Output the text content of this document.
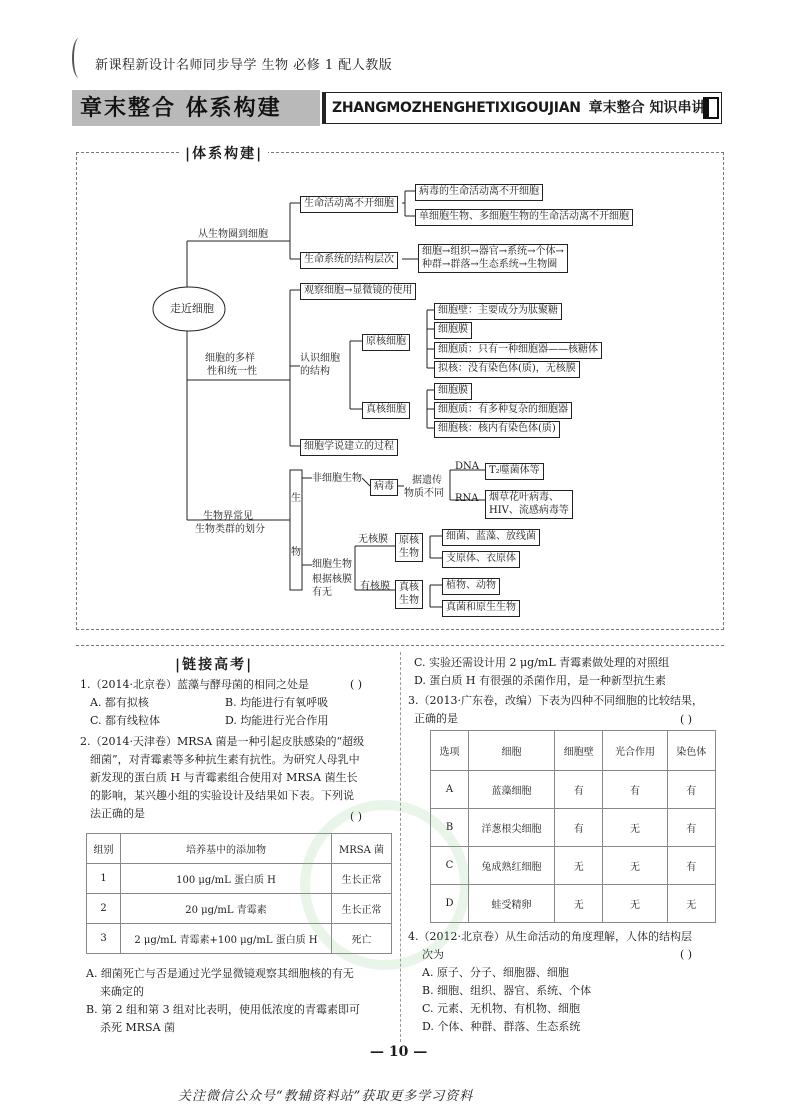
新课程新设计名师同步导学 生物 必修 1 配人教版
章末整合 体系构建	ZHANGMOZHENGHETIXIGOUJIAN 章末整合 知识串讲
|体系构建|
走近细胞
从生物圈到细胞
生命活动离不开细胞
病毒的生命活动离不开细胞
单细胞生物、多细胞生物的生命活动离不开细胞
生命系统的结构层次
细胞→组织→器官→系统→个体→
种群→群落→生态系统→生物圈
细胞的多样
性和统一性
观察细胞→显微镜的使用
认识细胞
的结构
原核细胞
细胞壁：主要成分为肽聚糖
细胞膜
细胞质：只有一种细胞器——核糖体
拟核：没有染色体(质)，无核膜
真核细胞
细胞膜
细胞质：有多种复杂的细胞器
细胞核：核内有染色体(质)
细胞学说建立的过程
生物界常见
生物类群的划分
生
物
非细胞生物
病毒
据遗传
物质不同
DNA	T₂噬菌体等
RNA 烟草花叶病毒、
HIV、流感病毒等
细胞生物
根据核膜
有无
无核膜 原核
生物
细菌、蓝藻、放线菌
支原体、衣原体
有核膜 真核
生物
植物、动物
真菌和原生生物
|链接高考|
1.（2014·北京卷）蓝藻与酵母菌的相同之处是	( )
A. 都有拟核	B. 均能进行有氧呼吸
C. 都有线粒体	D. 均能进行光合作用
2.（2014·天津卷）MRSA 菌是一种引起皮肤感染的“超级
细菌”，对青霉素等多种抗生素有抗性。为研究人母乳中
新发现的蛋白质 H 与青霉素组合使用对 MRSA 菌生长
的影响，某兴趣小组的实验设计及结果如下表。下列说
法正确的是	( )
组别	培养基中的添加物	MRSA 菌
1	100 μg/mL 蛋白质 H	生长正常
2	20 μg/mL 青霉素	生长正常
3	2 μg/mL 青霉素+100 μg/mL 蛋白质 H	死亡
A. 细菌死亡与否是通过光学显微镜观察其细胞核的有无
来确定的
B. 第 2 组和第 3 组对比表明，使用低浓度的青霉素即可
杀死 MRSA 菌
C. 实验还需设计用 2 μg/mL 青霉素做处理的对照组
D. 蛋白质 H 有很强的杀菌作用，是一种新型抗生素
3.（2013·广东卷，改编）下表为四种不同细胞的比较结果，
正确的是	( )
选项	细胞	细胞壁	光合作用	染色体
A	蓝藻细胞	有	有	有
B	洋葱根尖细胞	有	无	有
C	兔成熟红细胞	无	无	有
D	蛙受精卵	无	无	无
4.（2012·北京卷）从生命活动的角度理解，人体的结构层
次为	( )
A. 原子、分子、细胞器、细胞
B. 细胞、组织、器官、系统、个体
C. 元素、无机物、有机物、细胞
D. 个体、种群、群落、生态系统
— 10 —
关注微信公众号“教辅资料站”获取更多学习资料
